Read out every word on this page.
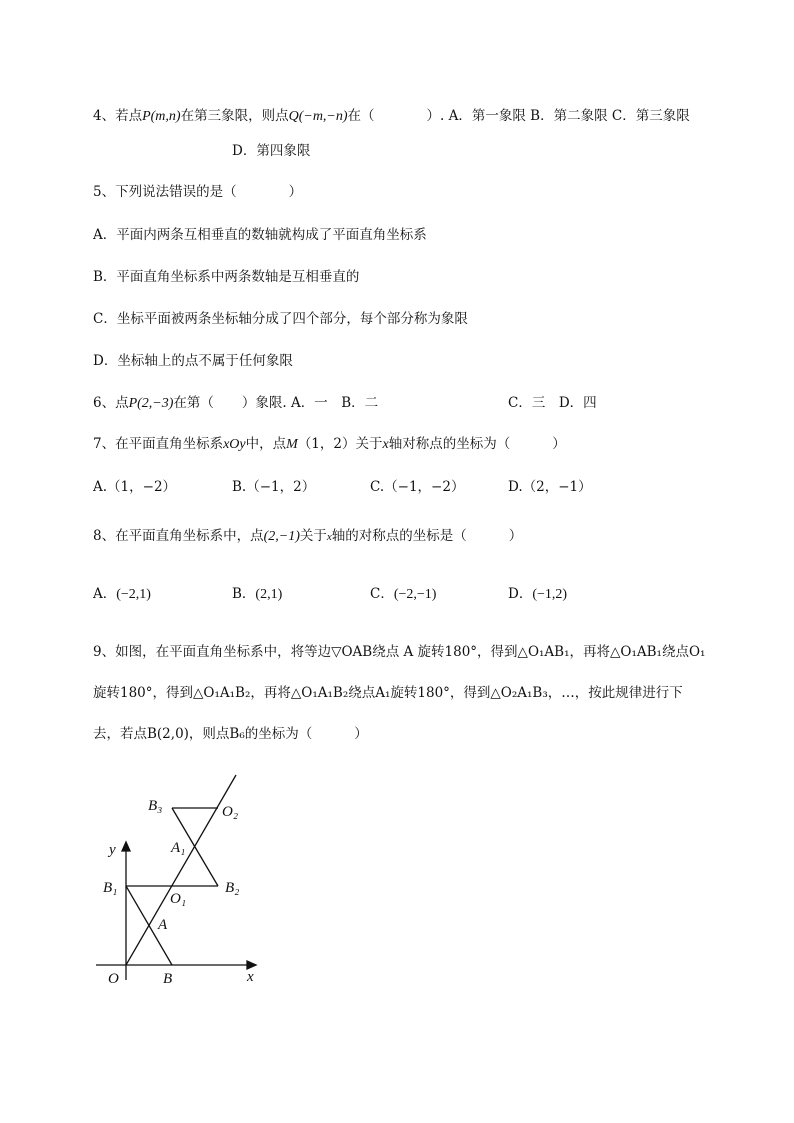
4、若点P(m,n)在第三象限，则点Q(−m,−n)在（	）. A．第一象限 B．第二象限 C．第三象限
D．第四象限
5、下列说法错误的是（	）
A．平面内两条互相垂直的数轴就构成了平面直角坐标系
B．平面直角坐标系中两条数轴是互相垂直的
C．坐标平面被两条坐标轴分成了四个部分，每个部分称为象限
D．坐标轴上的点不属于任何象限
6、点P(2,−3)在第（ ）象限. A．一　B．二	C．三　D．四
7、在平面直角坐标系xOy中，点M（1，2）关于x轴对称点的坐标为（	）
A.（1，−2）	B.（−1，2）	C.（−1，−2）	D.（2，−1）
8、在平面直角坐标系中，点(2,−1)关于x轴的对称点的坐标是（	）
A．(−2,1)	B．(2,1)	C．(−2,−1)	D．(−1,2)
9、如图，在平面直角坐标系中，将等边▽OAB绕点 A 旋转180°，得到△O₁AB₁，再将△O₁AB₁绕点O₁
旋转180°，得到△O₁A₁B₂，再将△O₁A₁B₂绕点A₁旋转180°，得到△O₂A₁B₃，…，按此规律进行下
去，若点B(2,0)，则点B₆的坐标为（	）
B₃	O₂
y	A₁
B₁	B₂
O₁
A
O	B	x
